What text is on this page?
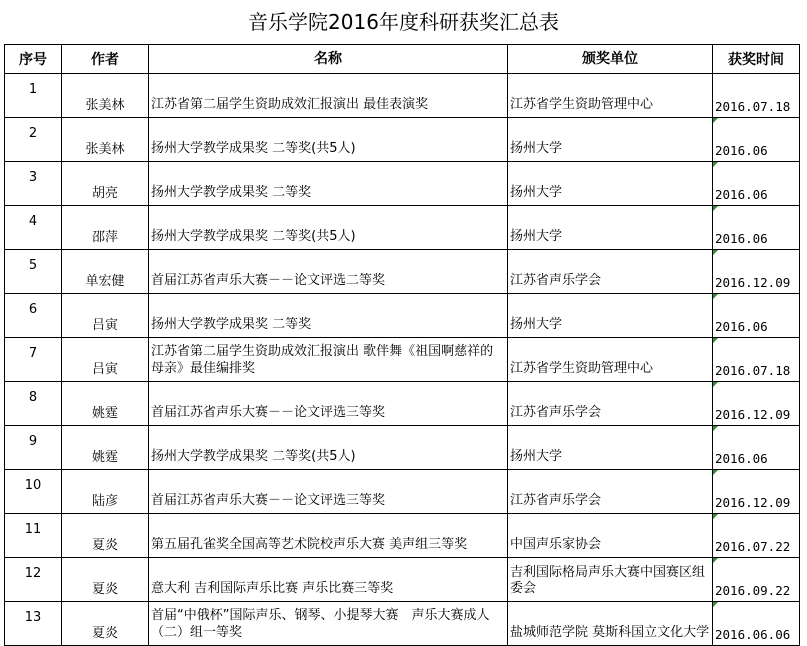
音乐学院2016年度科研获奖汇总表
序号	作者	名称	颁奖单位	获奖时间
1	张美林	江苏省第二届学生资助成效汇报演出 最佳表演奖	江苏省学生资助管理中心	2016.07.18
2	张美林	扬州大学教学成果奖 二等奖(共5人)	扬州大学	2016.06
3	胡亮	扬州大学教学成果奖 二等奖	扬州大学	2016.06
4	邵萍	扬州大学教学成果奖 二等奖(共5人)	扬州大学	2016.06
5	单宏健	首届江苏省声乐大赛－－论文评选二等奖	江苏省声乐学会	2016.12.09
6	吕寅	扬州大学教学成果奖 二等奖	扬州大学	2016.06
7	吕寅	江苏省第二届学生资助成效汇报演出 歌伴舞《祖国啊慈祥的母亲》最佳编排奖	江苏省学生资助管理中心	2016.07.18
8	姚霆	首届江苏省声乐大赛－－论文评选三等奖	江苏省声乐学会	2016.12.09
9	姚霆	扬州大学教学成果奖 二等奖(共5人)	扬州大学	2016.06
10	陆彦	首届江苏省声乐大赛－－论文评选三等奖	江苏省声乐学会	2016.12.09
11	夏炎	第五届孔雀奖全国高等艺术院校声乐大赛 美声组三等奖	中国声乐家协会	2016.07.22
12	夏炎	意大利 吉利国际声乐比赛 声乐比赛三等奖	吉利国际格局声乐大赛中国赛区组委会	2016.09.22
13	夏炎	首届“中俄杯”国际声乐、钢琴、小提琴大赛　声乐大赛成人（二）组一等奖	盐城师范学院 莫斯科国立文化大学	2016.06.06
